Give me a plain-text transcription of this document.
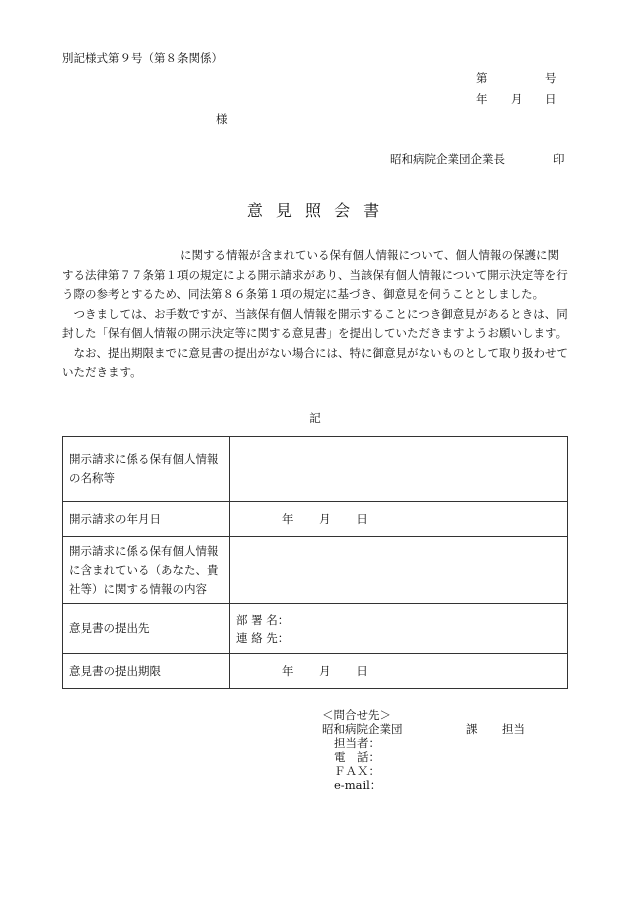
別記様式第９号（第８条関係）
第	号
年 月 日
様
昭和病院企業団企業長	印
意 見 照 会 書

に関する情報が含まれている保有個人情報について、個人情報の保護に関する法律第７７条第１項の規定による開示請求があり、当該保有個人情報について開示決定等を行う際の参考とするため、同法第８６条第１項の規定に基づき、御意見を伺うこととしました。

つきましては、お手数ですが、当該保有個人情報を開示することにつき御意見があるときは、同封した「保有個人情報の開示決定等に関する意見書」を提出していただきますようお願いします。

なお、提出期限までに意見書の提出がない場合には、特に御意見がないものとして取り扱わせていただきます。

記
開示請求に係る保有個人情報の名称等	
開示請求の年月日	年 月 日
開示請求に係る保有個人情報に含まれている（あなた、貴社等）に関する情報の内容	
意見書の提出先	部 署 名：
連 絡 先：

意見書の提出期限	年 月 日
＜問合せ先＞
昭和病院企業団	課 担当
担当者：
電　話：
ＦＡＸ：
e-mail：
